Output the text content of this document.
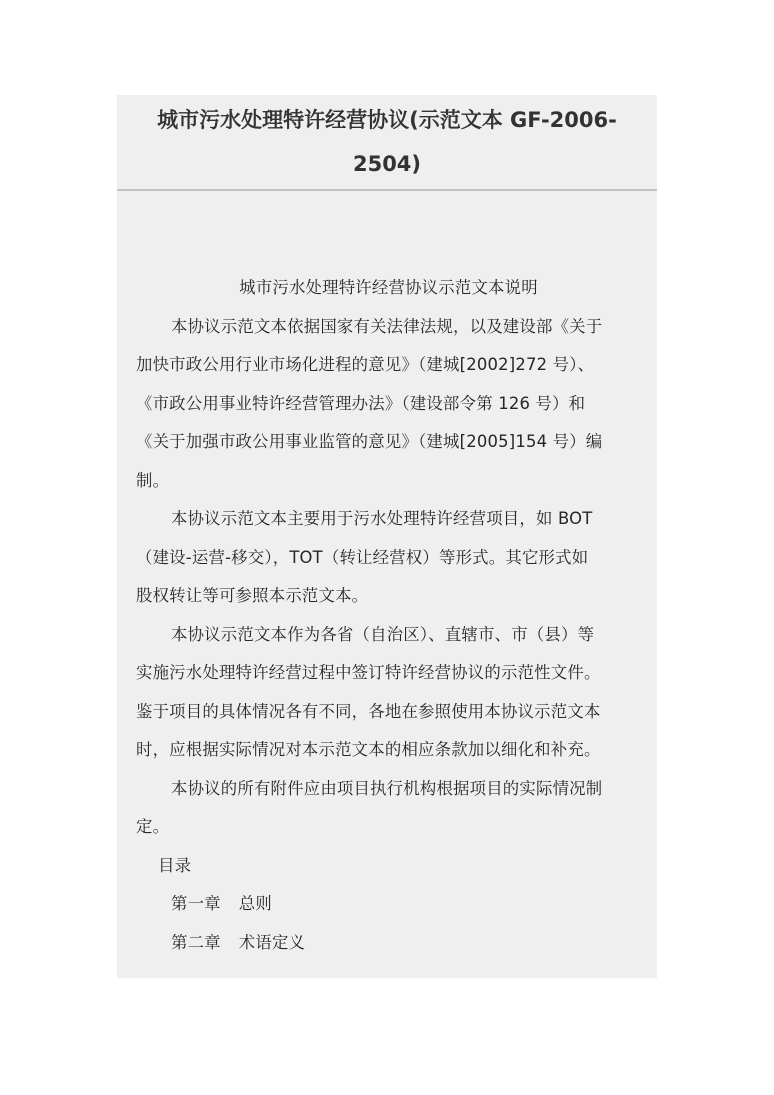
城市污水处理特许经营协议(示范文本 GF-2006-
2504)

城市污水处理特许经营协议示范文本说明

本协议示范文本依据国家有关法律法规，以及建设部《关于

加快市政公用行业市场化进程的意见》（建城[2002]272 号）、

《市政公用事业特许经营管理办法》（建设部令第 126 号）和

《关于加强市政公用事业监管的意见》（建城[2005]154 号）编

制。

本协议示范文本主要用于污水处理特许经营项目，如 BOT

（建设-运营-移交），TOT（转让经营权）等形式。其它形式如

股权转让等可参照本示范文本。

本协议示范文本作为各省（自治区）、直辖市、市（县）等

实施污水处理特许经营过程中签订特许经营协议的示范性文件。

鉴于项目的具体情况各有不同，各地在参照使用本协议示范文本

时，应根据实际情况对本示范文本的相应条款加以细化和补充。

本协议的所有附件应由项目执行机构根据项目的实际情况制

定。

目录

第一章 总则

第二章 术语定义
